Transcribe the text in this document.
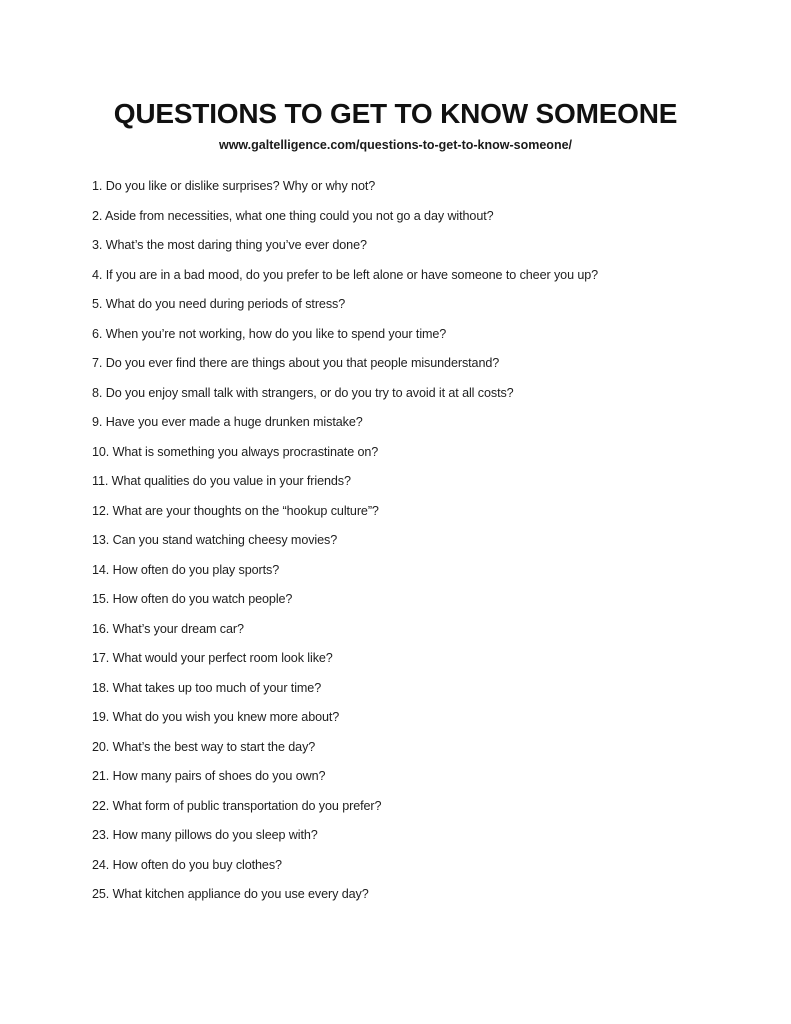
QUESTIONS TO GET TO KNOW SOMEONE
www.galtelligence.com/questions-to-get-to-know-someone/
1. Do you like or dislike surprises? Why or why not?
2. Aside from necessities, what one thing could you not go a day without?
3. What’s the most daring thing you’ve ever done?
4. If you are in a bad mood, do you prefer to be left alone or have someone to cheer you up?
5. What do you need during periods of stress?
6. When you’re not working, how do you like to spend your time?
7. Do you ever find there are things about you that people misunderstand?
8. Do you enjoy small talk with strangers, or do you try to avoid it at all costs?
9. Have you ever made a huge drunken mistake?
10. What is something you always procrastinate on?
11. What qualities do you value in your friends?
12. What are your thoughts on the “hookup culture”?
13. Can you stand watching cheesy movies?
14. How often do you play sports?
15. How often do you watch people?
16. What’s your dream car?
17. What would your perfect room look like?
18. What takes up too much of your time?
19. What do you wish you knew more about?
20. What’s the best way to start the day?
21. How many pairs of shoes do you own?
22. What form of public transportation do you prefer?
23. How many pillows do you sleep with?
24. How often do you buy clothes?
25. What kitchen appliance do you use every day?
